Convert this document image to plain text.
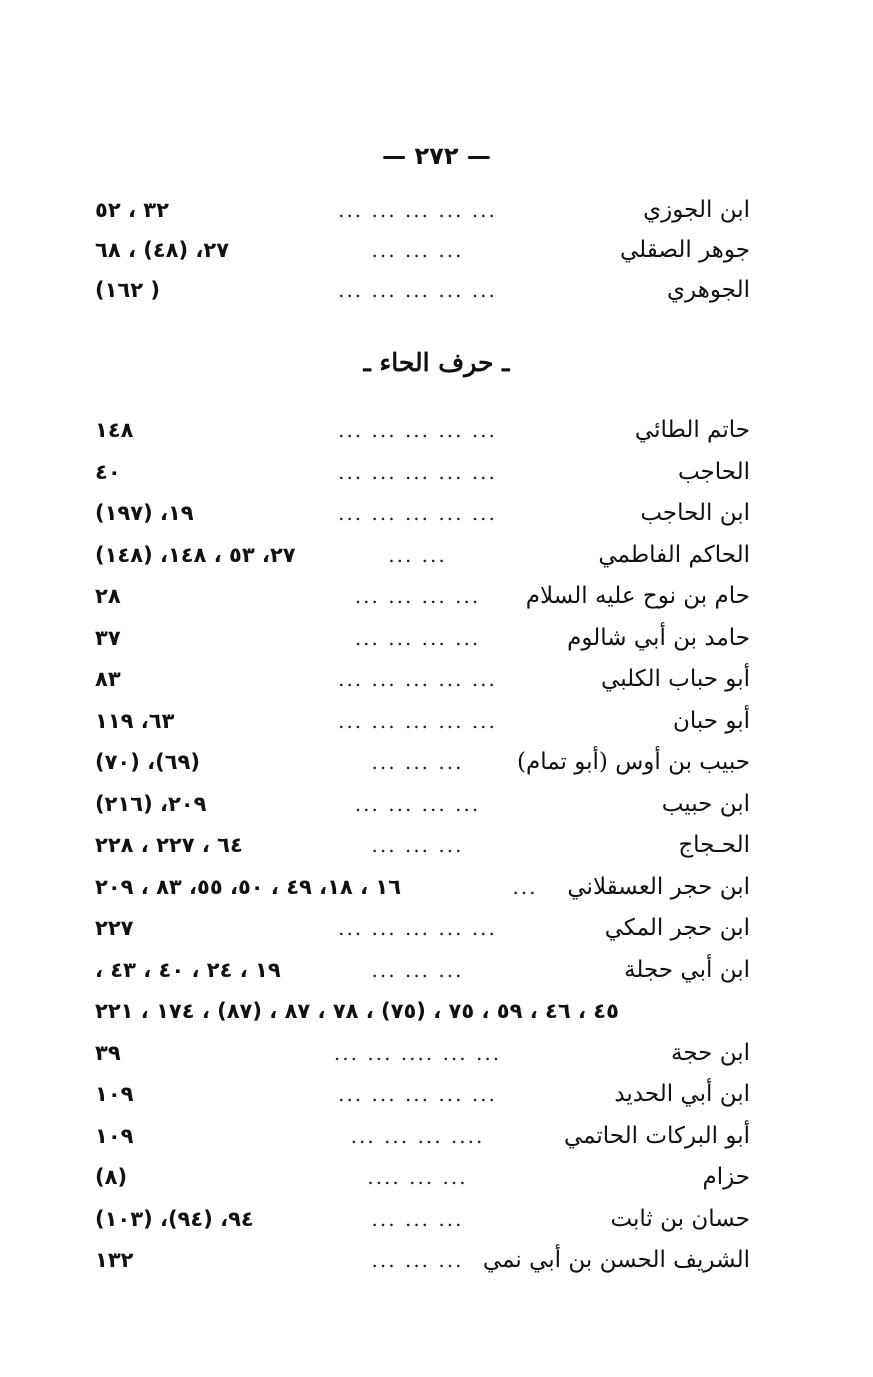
— ٢٧٢ —
ابن الجوزي
... ... ... ... ...
٣٢ ، ٥٢
جوهر الصقلي
... ... ...
٢٧، (٤٨) ، ٦٨
الجوهري
... ... ... ... ...
( ١٦٢)
ـ حرف الحاء ـ
حاتم الطائي
... ... ... ... ...
١٤٨
الحاجب
... ... ... ... ...
٤٠
ابن الحاجب
... ... ... ... ...
١٩، (١٩٧)
الحاكم الفاطمي
... ...
٢٧، ٥٣ ، ١٤٨، (١٤٨)
حام بن نوح عليه السلام
... ... ... ...
٢٨
حامد بن أبي شالوم
... ... ... ...
٣٧
أبو حباب الكلبي
... ... ... ... ...
٨٣
أبو حبان
... ... ... ... ...
٦٣، ١١٩
حبيب بن أوس (أبو تمام)
... ... ...
(٦٩)، (٧٠)
ابن حبيب
... ... ... ...
٢٠٩، (٢١٦)
الحـجاج
... ... ...
٦٤ ، ٢٢٧ ، ٢٢٨
ابن حجر العسقلاني
...
١٦ ، ١٨، ٤٩ ، ٥٠، ٥٥، ٨٣ ، ٢٠٩
ابن حجر المكي
... ... ... ... ...
٢٢٧
ابن أبي حجلة
... ... ...
١٩ ، ٢٤ ، ٤٠ ، ٤٣ ،
٤٥ ، ٤٦ ، ٥٩ ، ٧٥ ، (٧٥) ، ٧٨ ، ٨٧ ، (٨٧) ، ١٧٤ ، ٢٢١
ابن حجة
... ... .... ... ...
٣٩
ابن أبي الحديد
... ... ... ... ...
١٠٩
أبو البركات الحاتمي
.... ... ... ...
١٠٩
حزام
... ... ....
(٨)
حسان بن ثابت
... ... ...
٩٤، (٩٤)، (١٠٣)
الشريف الحسن بن أبي نمي
... ... ...
١٣٢
